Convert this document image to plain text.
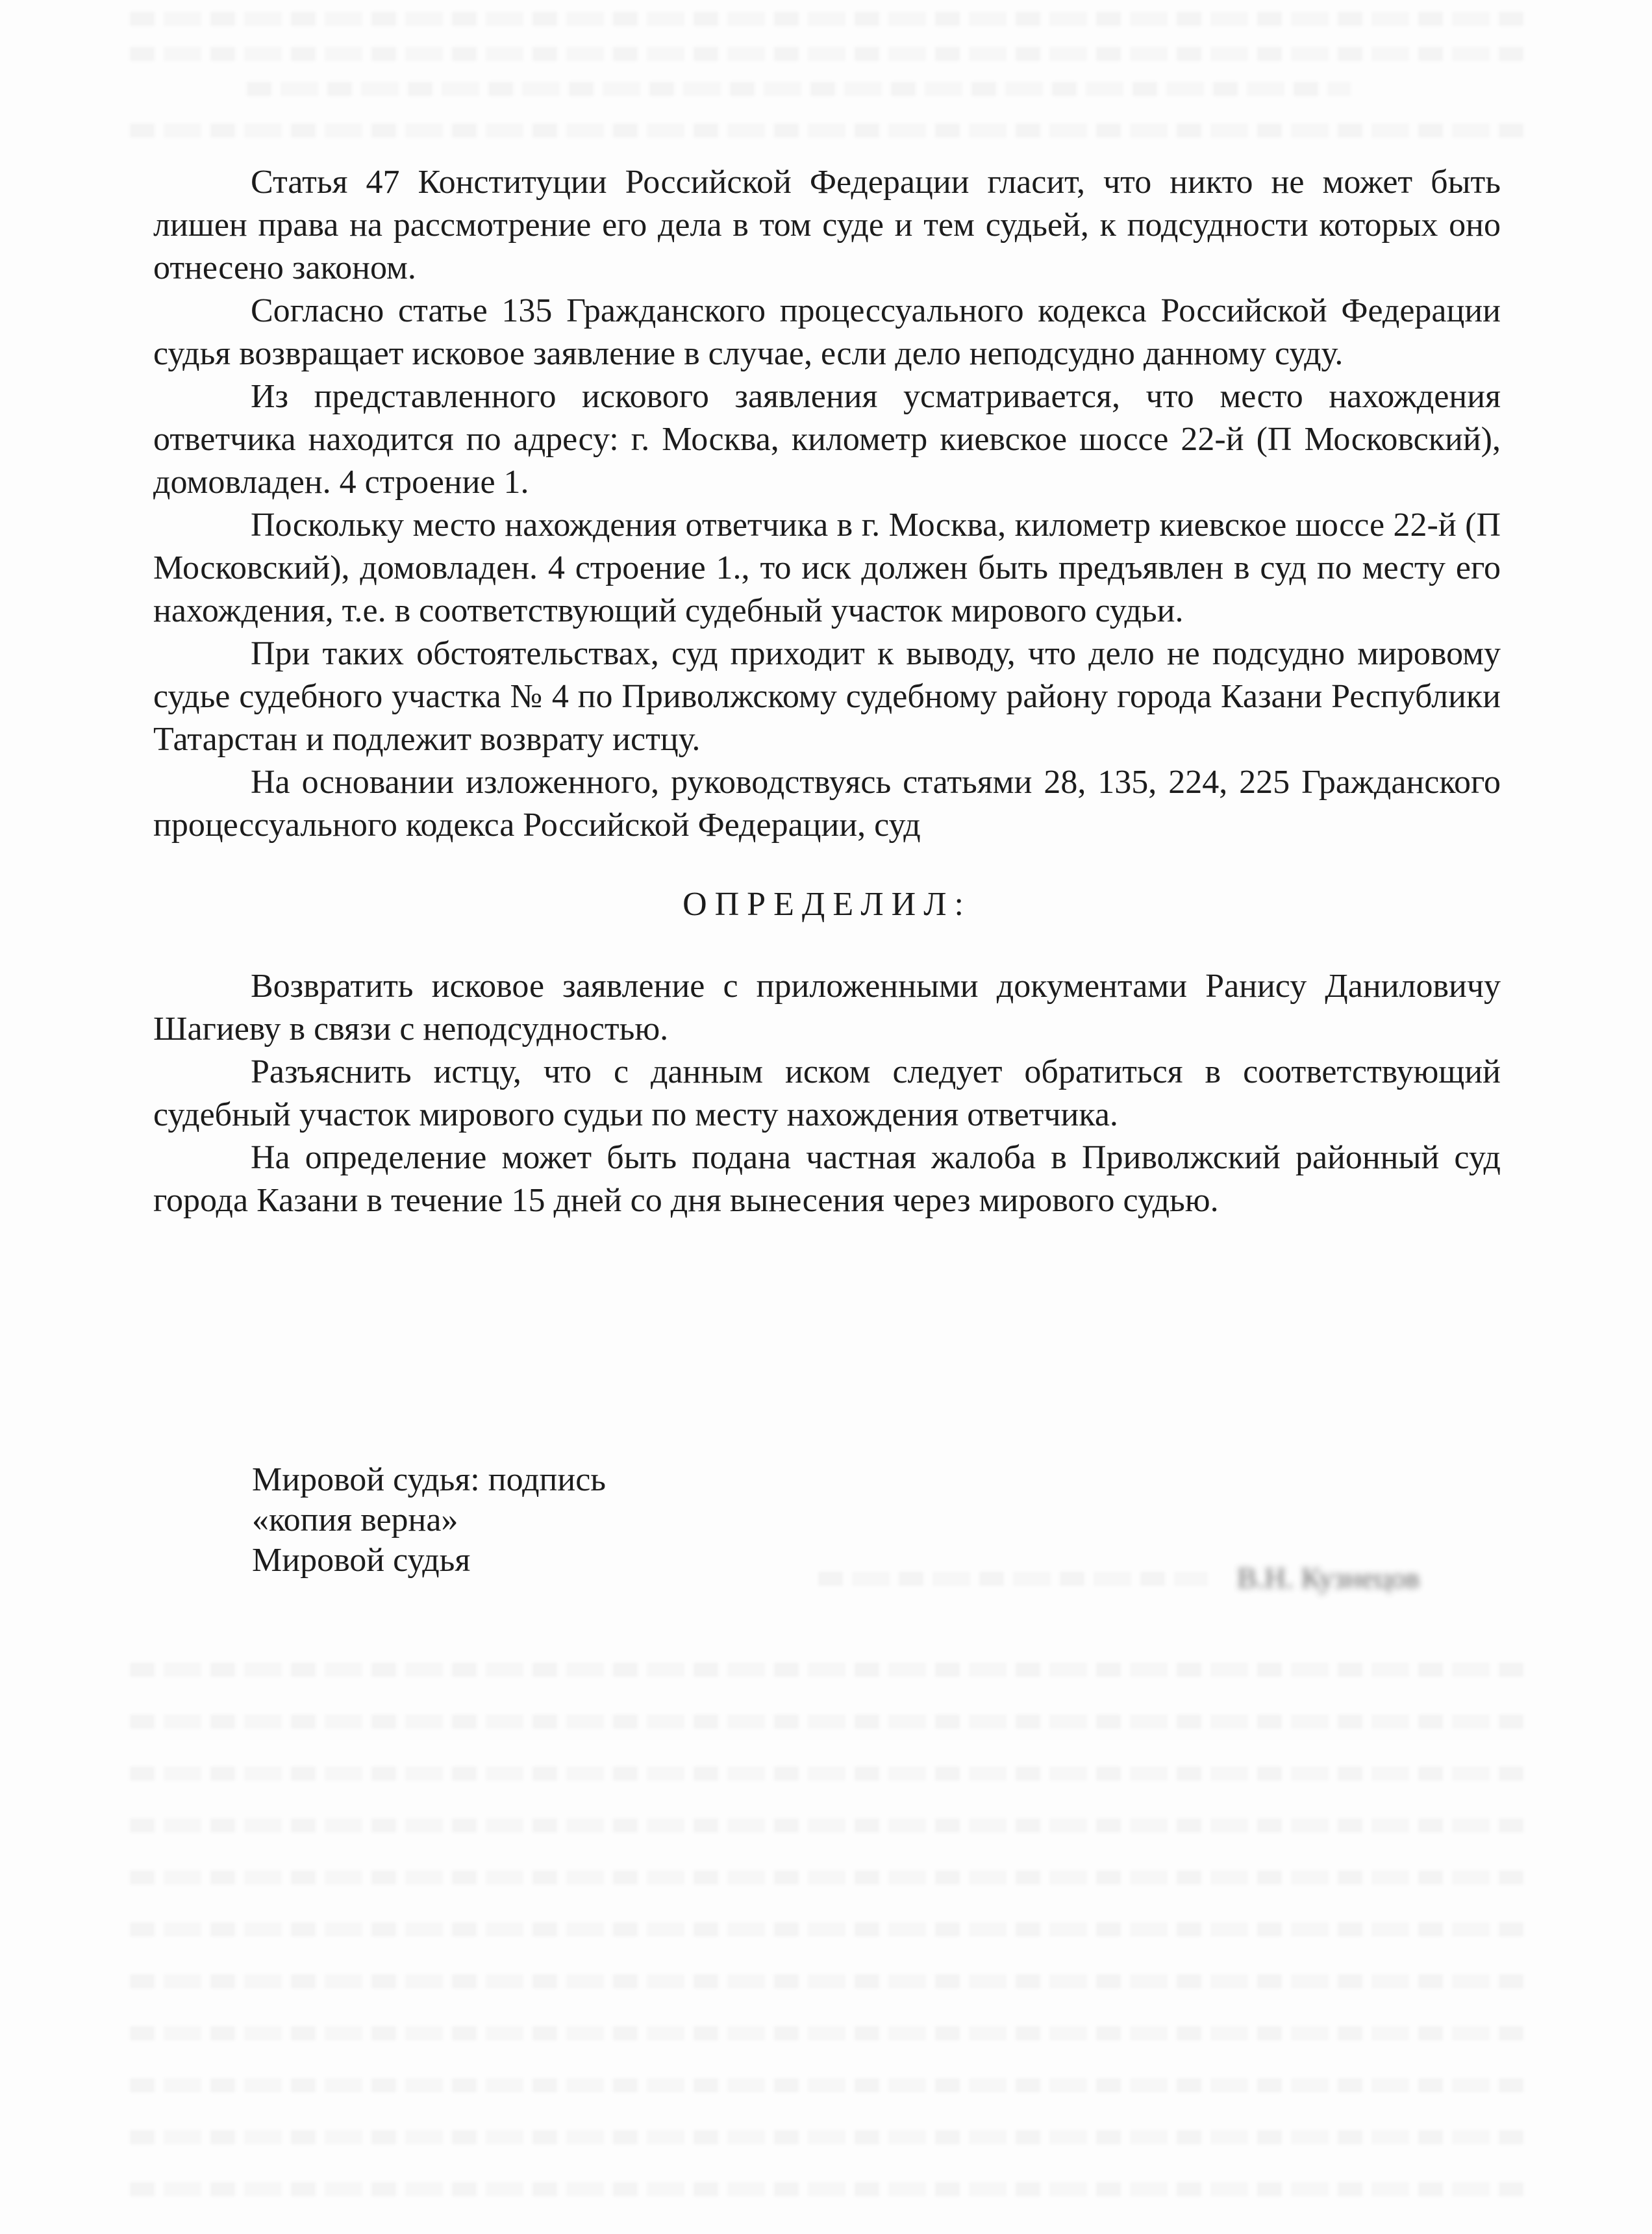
Статья 47 Конституции Российской Федерации гласит, что никто не может быть лишен права на рассмотрение его дела в том суде и тем судьей, к подсудности которых оно отнесено законом.

Согласно статье 135 Гражданского процессуального кодекса Российской Федерации судья возвращает исковое заявление в случае, если дело неподсудно данному суду.

Из представленного искового заявления усматривается, что место нахождения ответчика находится по адресу: г. Москва, километр киевское шоссе 22-й (П Московский), домовладен. 4 строение 1.

Поскольку место нахождения ответчика в г. Москва, километр киевское шоссе 22-й (П Московский), домовладен. 4 строение 1., то иск должен быть предъявлен в суд по месту его нахождения, т.е. в соответствующий судебный участок мирового судьи.

При таких обстоятельствах, суд приходит к выводу, что дело не подсудно мировому судье судебного участка № 4 по Приволжскому судебному району города Казани Республики Татарстан и подлежит возврату истцу.

На основании изложенного, руководствуясь статьями 28, 135, 224, 225 Гражданского процессуального кодекса Российской Федерации, суд

ОПРЕДЕЛИЛ:

Возвратить исковое заявление с приложенными документами Ранису Даниловичу Шагиеву в связи с неподсудностью.

Разъяснить истцу, что с данным иском следует обратиться в соответствующий судебный участок мирового судьи по месту нахождения ответчика.

На определение может быть подана частная жалоба в Приволжский районный суд города Казани в течение 15 дней со дня вынесения через мирового судью.

Мировой судья: подпись
«копия верна»
Мировой судья	В.Н. Кузнецов
